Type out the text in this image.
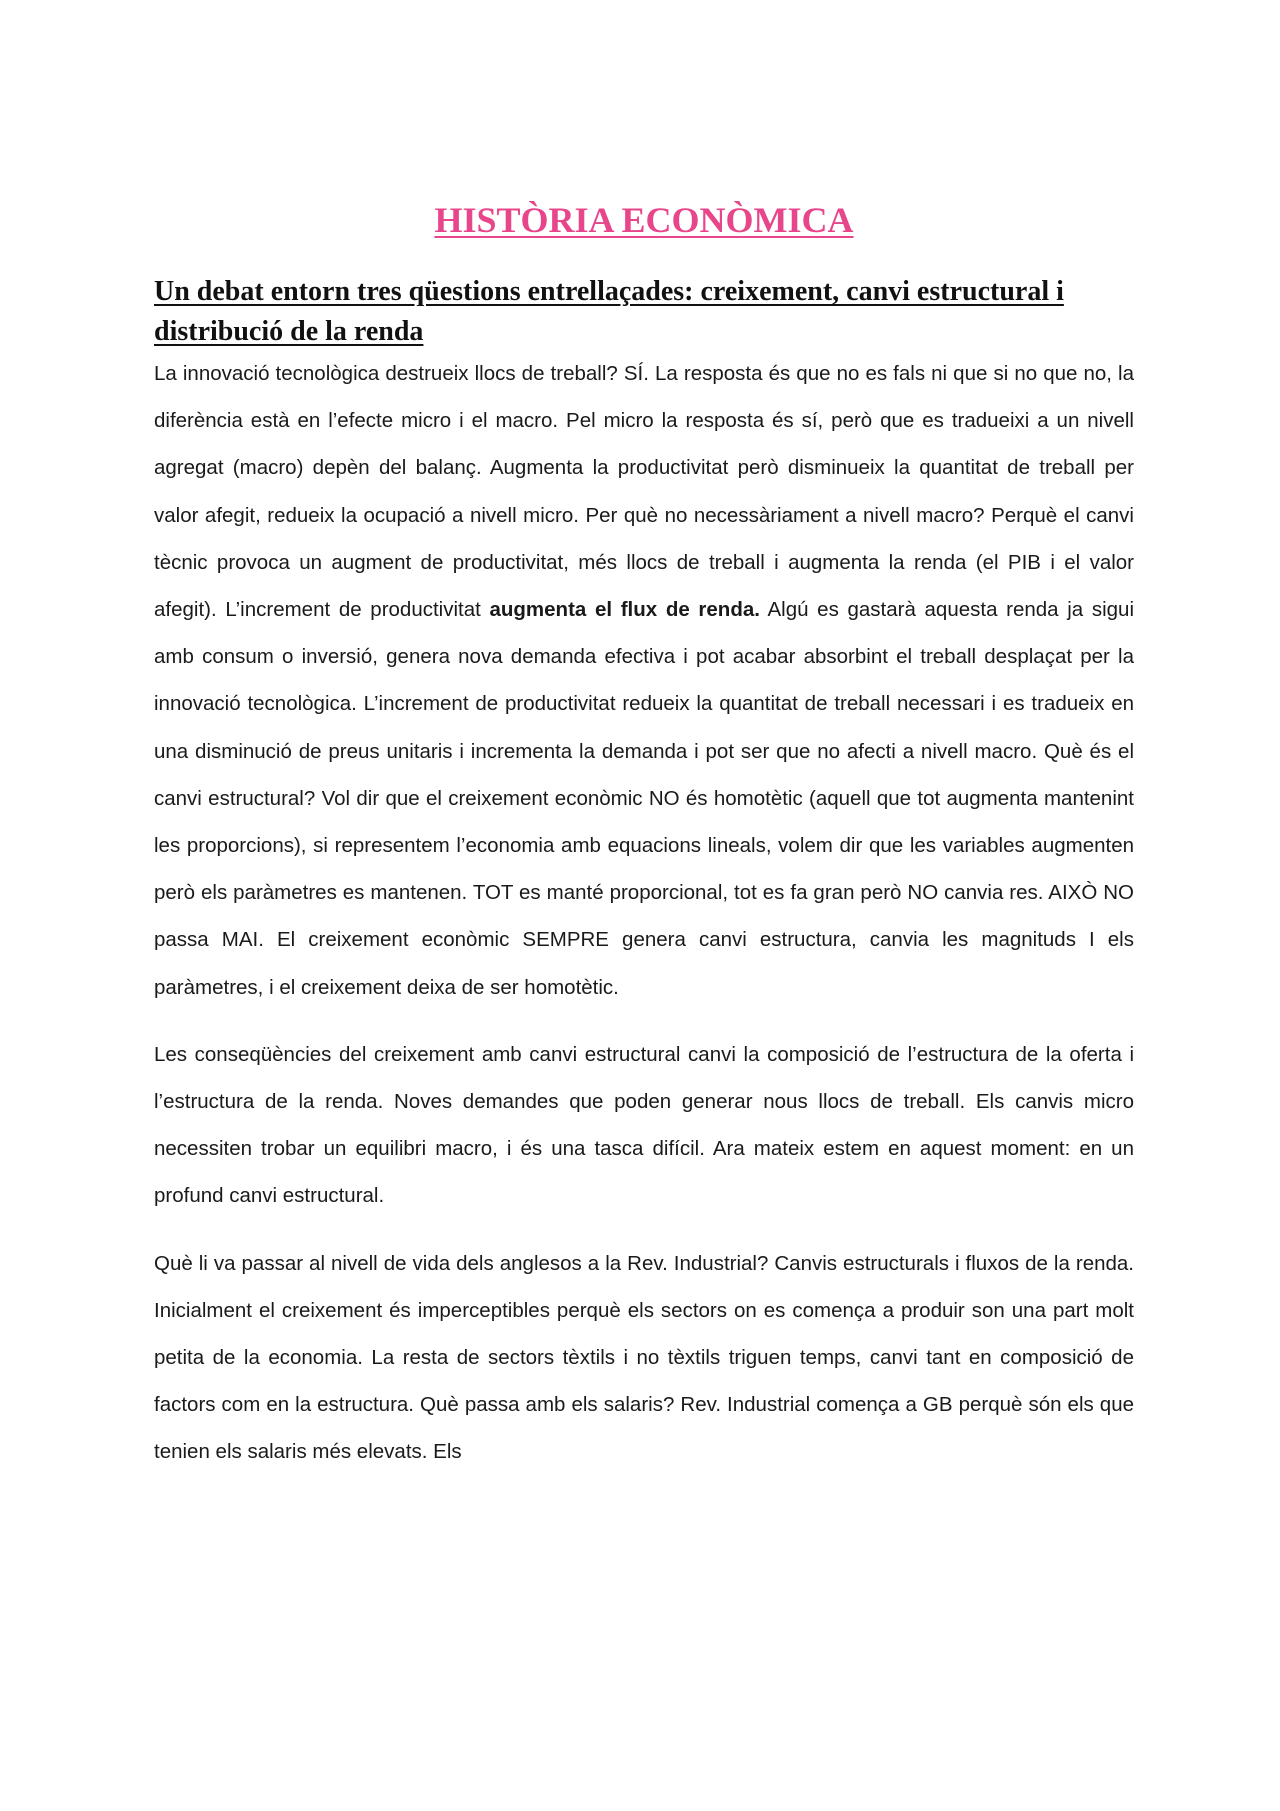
HISTÒRIA ECONÒMICA
Un debat entorn tres qüestions entrellaçades: creixement, canvi estructural i distribució de la renda

La innovació tecnològica destrueix llocs de treball? SÍ. La resposta és que no es fals ni que si no que no, la diferència està en l’efecte micro i el macro. Pel micro la resposta és sí, però que es tradueixi a un nivell agregat (macro) depèn del balanç. Augmenta la productivitat però disminueix la quantitat de treball per valor afegit, redueix la ocupació a nivell micro. Per què no necessàriament a nivell macro? Perquè el canvi tècnic provoca un augment de productivitat, més llocs de treball i augmenta la renda (el PIB i el valor afegit). L’increment de productivitat augmenta el flux de renda. Algú es gastarà aquesta renda ja sigui amb consum o inversió, genera nova demanda efectiva i pot acabar absorbint el treball desplaçat per la innovació tecnològica. L’increment de productivitat redueix la quantitat de treball necessari i es tradueix en una disminució de preus unitaris i incrementa la demanda i pot ser que no afecti a nivell macro. Què és el canvi estructural? Vol dir que el creixement econòmic NO és homotètic (aquell que tot augmenta mantenint les proporcions), si representem l’economia amb equacions lineals, volem dir que les variables augmenten però els paràmetres es mantenen. TOT es manté proporcional, tot es fa gran però NO canvia res. AIXÒ NO passa MAI. El creixement econòmic SEMPRE genera canvi estructura, canvia les magnituds I els paràmetres, i el creixement deixa de ser homotètic.

Les conseqüències del creixement amb canvi estructural canvi la composició de l’estructura de la oferta i l’estructura de la renda. Noves demandes que poden generar nous llocs de treball. Els canvis micro necessiten trobar un equilibri macro, i és una tasca difícil. Ara mateix estem en aquest moment: en un profund canvi estructural.

Què li va passar al nivell de vida dels anglesos a la Rev. Industrial? Canvis estructurals i fluxos de la renda. Inicialment el creixement és imperceptibles perquè els sectors on es comença a produir son una part molt petita de la economia. La resta de sectors tèxtils i no tèxtils triguen temps, canvi tant en composició de factors com en la estructura. Què passa amb els salaris? Rev. Industrial comença a GB perquè són els que tenien els salaris més elevats. Els
